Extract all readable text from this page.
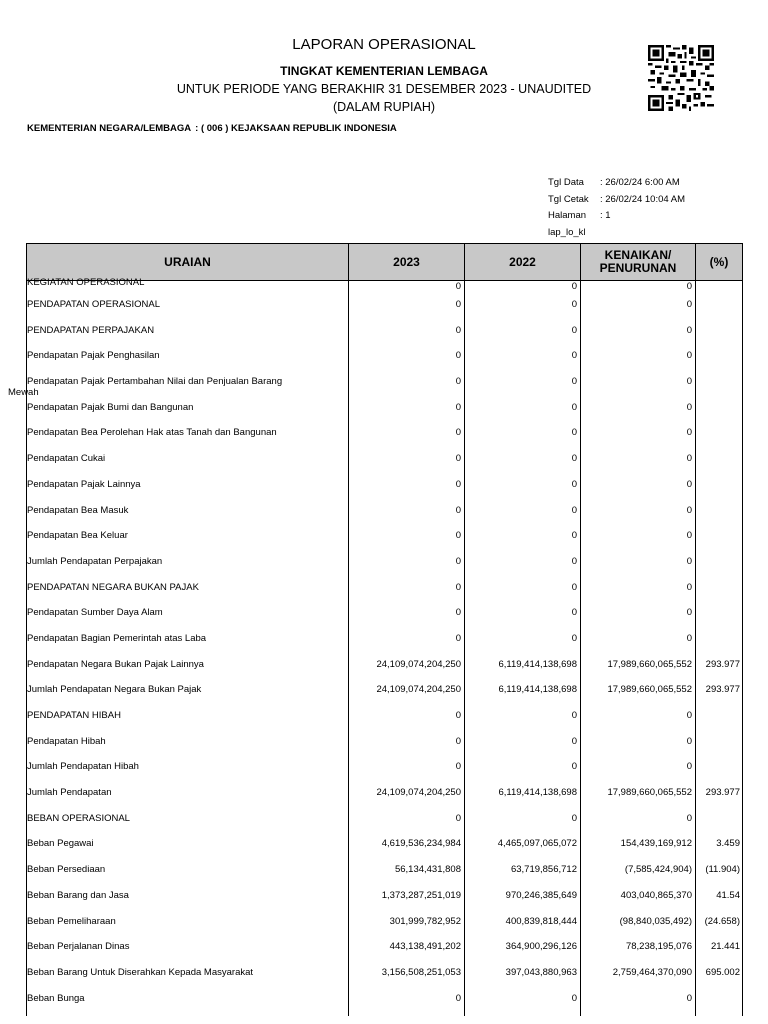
LAPORAN OPERASIONAL
TINGKAT KEMENTERIAN LEMBAGA
UNTUK PERIODE YANG BERAKHIR 31 DESEMBER 2023 - UNAUDITED
(DALAM RUPIAH)
KEMENTERIAN NEGARA/LEMBAGA : ( 006 ) KEJAKSAAN REPUBLIK INDONESIA
Tgl Data	: 26/02/24 6:00 AM
Tgl Cetak	: 26/02/24 10:04 AM
Halaman	: 1
lap_lo_kl
URAIAN	2023	2022	KENAIKAN/
PENURUNAN	(%)

KEGIATAN OPERASIONAL	0	0	0	
PENDAPATAN OPERASIONAL	0	0	0	
PENDAPATAN PERPAJAKAN	0	0	0	
Pendapatan Pajak Penghasilan	0	0	0	

Pendapatan Pajak Pertambahan Nilai dan Penjualan Barang
Mewah	0	0	0	
Pendapatan Pajak Bumi dan Bangunan	0	0	0	
Pendapatan Bea Perolehan Hak atas Tanah dan Bangunan	0	0	0	
Pendapatan Cukai	0	0	0	
Pendapatan Pajak Lainnya	0	0	0	
Pendapatan Bea Masuk	0	0	0	
Pendapatan Bea Keluar	0	0	0	
Jumlah Pendapatan Perpajakan	0	0	0	
PENDAPATAN NEGARA BUKAN PAJAK	0	0	0	
Pendapatan Sumber Daya Alam	0	0	0	
Pendapatan Bagian Pemerintah atas Laba	0	0	0	
Pendapatan Negara Bukan Pajak Lainnya	24,109,074,204,250	6,119,414,138,698	17,989,660,065,552	293.977
Jumlah Pendapatan Negara Bukan Pajak	24,109,074,204,250	6,119,414,138,698	17,989,660,065,552	293.977
PENDAPATAN HIBAH	0	0	0	
Pendapatan Hibah	0	0	0	
Jumlah Pendapatan Hibah	0	0	0	
Jumlah Pendapatan	24,109,074,204,250	6,119,414,138,698	17,989,660,065,552	293.977
BEBAN OPERASIONAL	0	0	0	
Beban Pegawai	4,619,536,234,984	4,465,097,065,072	154,439,169,912	3.459
Beban Persediaan	56,134,431,808	63,719,856,712	(7,585,424,904)	(11.904)
Beban Barang dan Jasa	1,373,287,251,019	970,246,385,649	403,040,865,370	41.54
Beban Pemeliharaan	301,999,782,952	400,839,818,444	(98,840,035,492)	(24.658)
Beban Perjalanan Dinas	443,138,491,202	364,900,296,126	78,238,195,076	21.441
Beban Barang Untuk Diserahkan Kepada Masyarakat	3,156,508,251,053	397,043,880,963	2,759,464,370,090	695.002
Beban Bunga	0	0	0	
